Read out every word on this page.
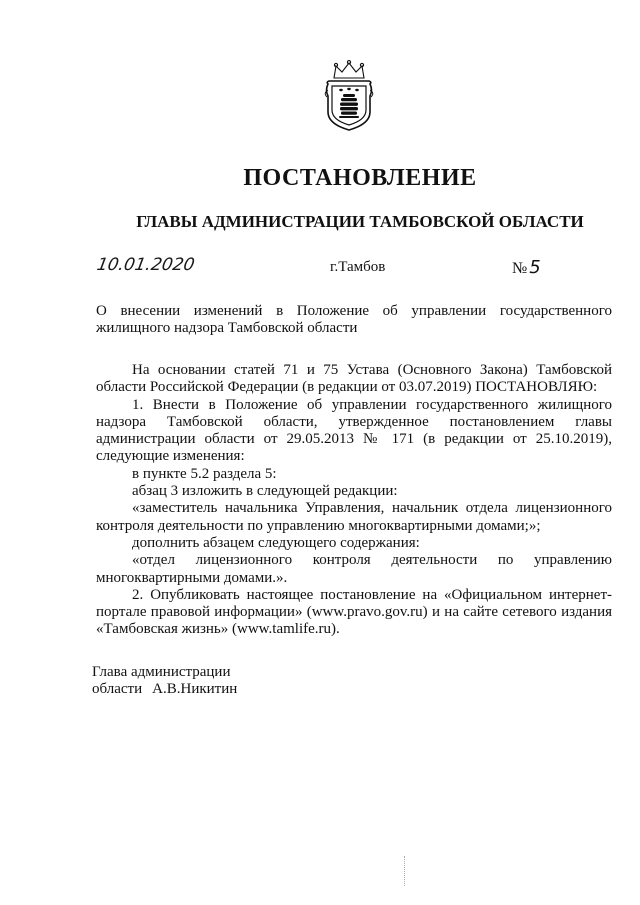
ПОСТАНОВЛЕНИЕ
ГЛАВЫ АДМИНИСТРАЦИИ ТАМБОВСКОЙ ОБЛАСТИ
10.01.2020	г.Тамбов	№ 5
О внесении изменений в Положение об управлении государственного
жилищного надзора Тамбовской области

На основании статей 71 и 75 Устава (Основного Закона) Тамбовской области Российской Федерации (в редакции от 03.07.2019) ПОСТАНОВЛЯЮ:

1. Внести в Положение об управлении государственного жилищного надзора Тамбовской области, утвержденное постановлением главы администрации области от 29.05.2013 № 171 (в редакции от 25.10.2019), следующие изменения:

в пункте 5.2 раздела 5:

абзац 3 изложить в следующей редакции:

«заместитель начальника Управления, начальник отдела лицензионного контроля деятельности по управлению многоквартирными домами;»;

дополнить абзацем следующего содержания:

«отдел лицензионного контроля деятельности по управлению многоквартирными домами.».

2. Опубликовать настоящее постановление на «Официальном интернет-портале правовой информации» (www.pravo.gov.ru) и на сайте сетевого издания «Тамбовская жизнь» (www.tamlife.ru).

Глава администрации
области А.В.Никитин
